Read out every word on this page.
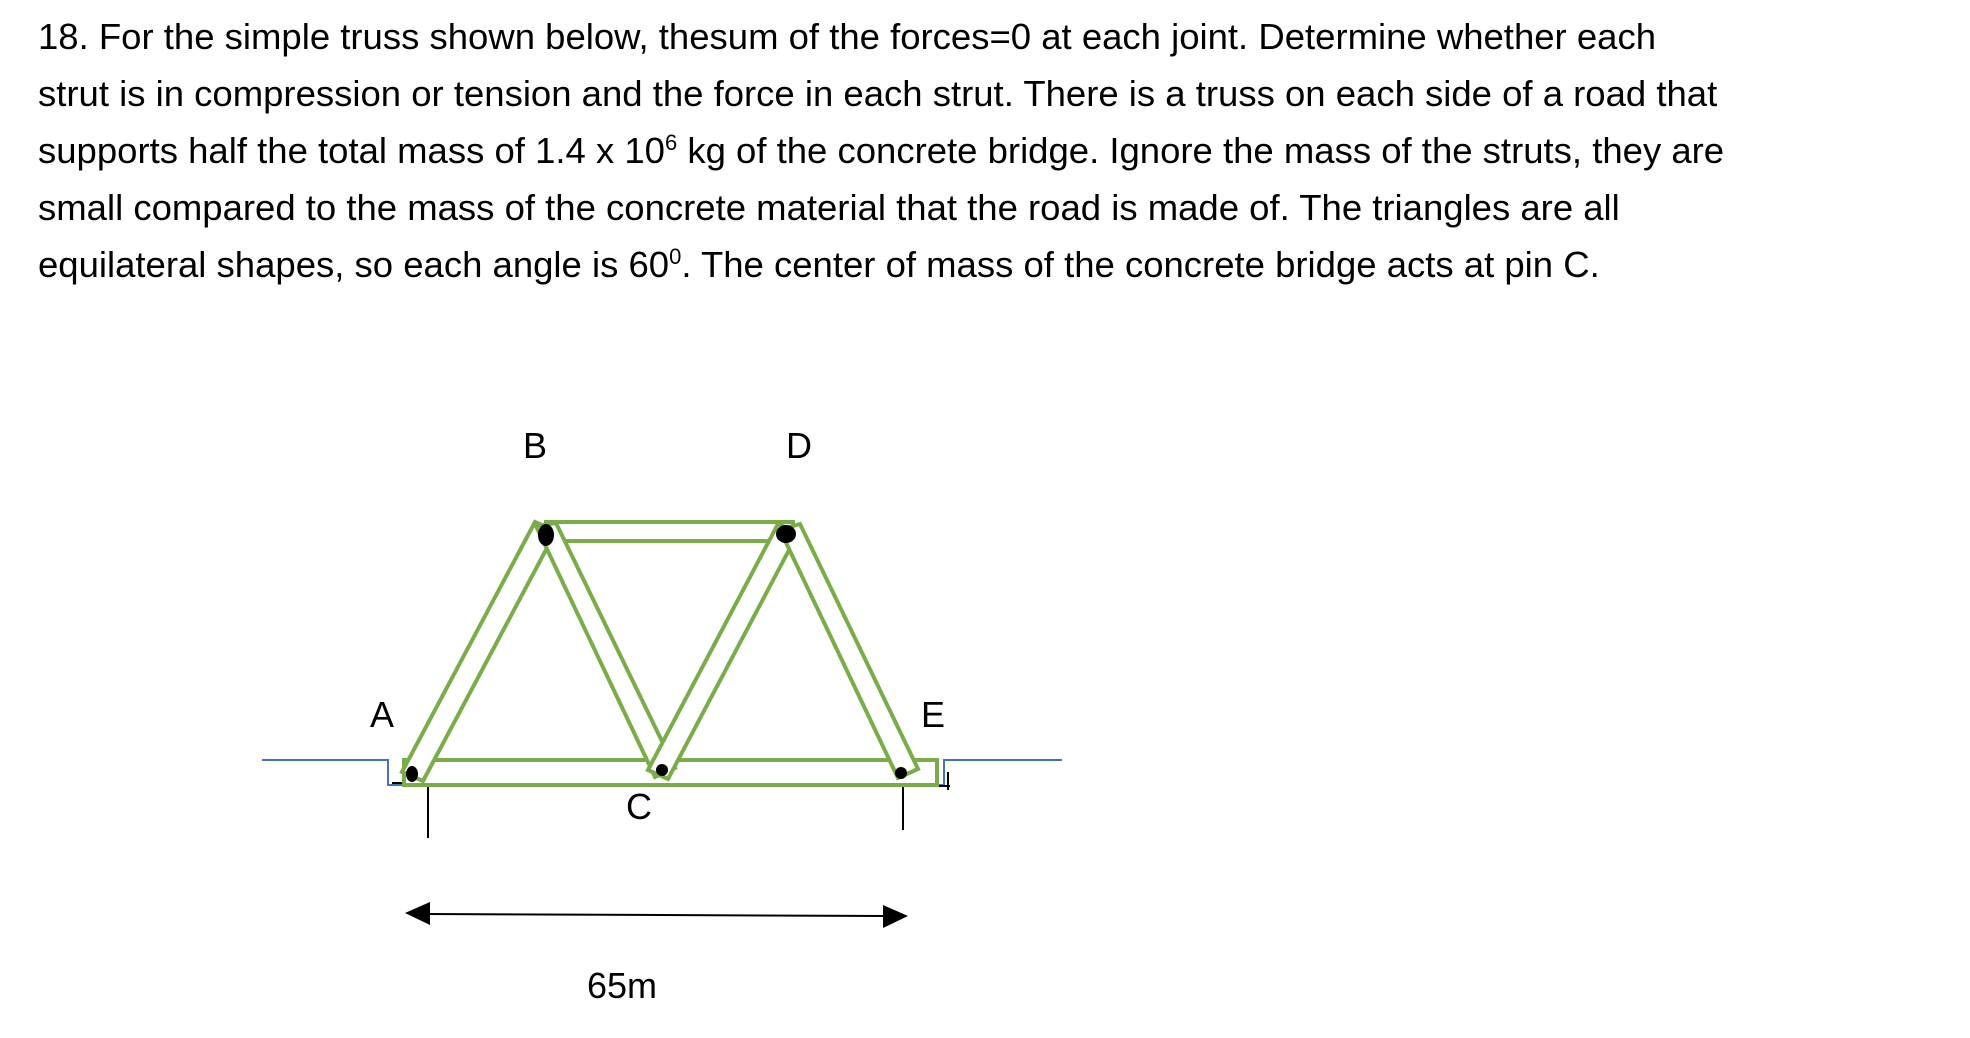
18. For the simple truss shown below, thesum of the forces=0 at each joint. Determine whether each
strut is in compression or tension and the force in each strut. There is a truss on each side of a road that
supports half the total mass of 1.4 x $10^6$ kg of the concrete bridge. Ignore the mass of the struts, they are
small compared to the mass of the concrete material that the road is made of. The triangles are all
equilateral shapes, so each angle is $60^0$. The center of mass of the concrete bridge acts at pin C.
A
B
C
D
E
65m
